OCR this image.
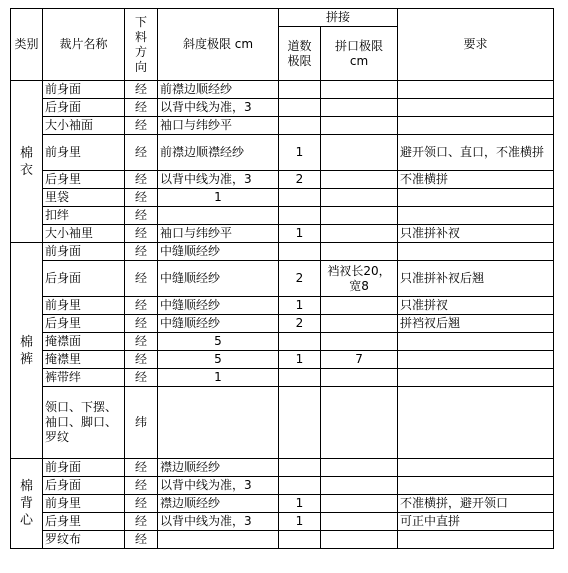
类别	裁片名称	下料方向	斜度极限 cm	拼接		要求
				道数极限	拼口极限 cm	
棉衣	前身面	经	前襟边顺经纱			
	后身面	经	以背中线为准，3			
	大小袖面	经	袖口与纬纱平			
	前身里	经	前襟边顺襟经纱	1		避开领口、直口，不准横拼
	后身里	经	以背中线为准，3	2		不准横拼
	里袋	经	1			
	扣绊	经				
	大小袖里	经	袖口与纬纱平	1		只准拼补衩
棉裤	前身面	经	中缝顺经纱			
	后身面	经	中缝顺经纱	2	裆衩长20，宽8	只准拼补衩后翘
	前身里	经	中缝顺经纱	1		只准拼衩
	后身里	经	中缝顺经纱	2		拼裆衩后翘
	掩襟面	经	5			
	掩襟里	经	5	1	7	
	裤带绊	经	1			
	领口、下摆、袖口、脚口、罗纹	纬				
棉背心	前身面	经	襟边顺经纱			
	后身面	经	以背中线为准，3			
	前身里	经	襟边顺经纱	1		不准横拼，避开领口
	后身里	经	以背中线为准，3	1		可正中直拼
	罗纹布	经				
